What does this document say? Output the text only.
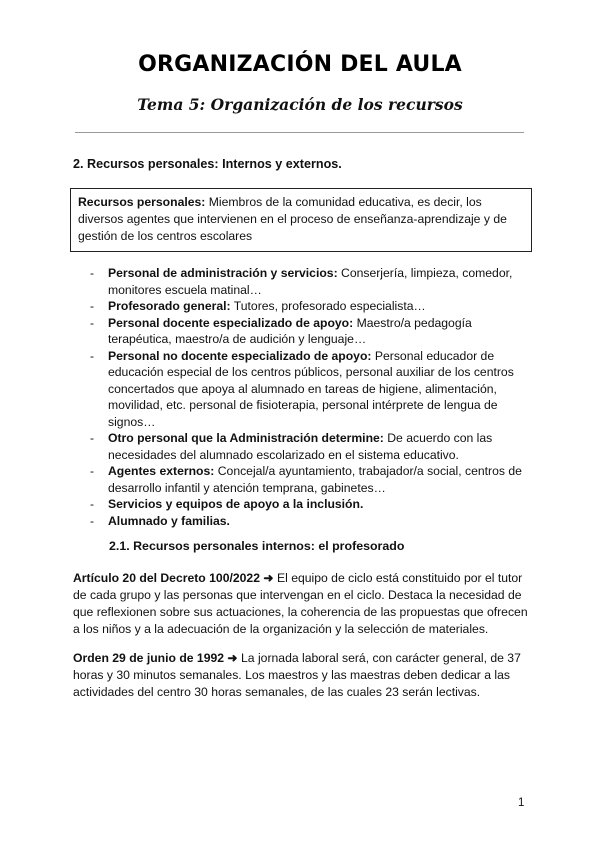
ORGANIZACIÓN DEL AULA
Tema 5: Organización de los recursos
2. Recursos personales: Internos y externos.
Recursos personales: Miembros de la comunidad educativa, es decir, los diversos agentes que intervienen en el proceso de enseñanza-aprendizaje y de gestión de los centros escolares
- Personal de administración y servicios: Conserjería, limpieza, comedor, monitores escuela matinal…
- Profesorado general: Tutores, profesorado especialista…
- Personal docente especializado de apoyo: Maestro/a pedagogía terapéutica, maestro/a de audición y lenguaje…
- Personal no docente especializado de apoyo: Personal educador de educación especial de los centros públicos, personal auxiliar de los centros concertados que apoya al alumnado en tareas de higiene, alimentación, movilidad, etc. personal de fisioterapia, personal intérprete de lengua de signos…
- Otro personal que la Administración determine: De acuerdo con las necesidades del alumnado escolarizado en el sistema educativo.
- Agentes externos: Concejal/a ayuntamiento, trabajador/a social, centros de desarrollo infantil y atención temprana, gabinetes…
- Servicios y equipos de apoyo a la inclusión.
- Alumnado y familias.
2.1. Recursos personales internos: el profesorado
Artículo 20 del Decreto 100/2022 ➜ El equipo de ciclo está constituido por el tutor de cada grupo y las personas que intervengan en el ciclo. Destaca la necesidad de que reflexionen sobre sus actuaciones, la coherencia de las propuestas que ofrecen a los niños y a la adecuación de la organización y la selección de materiales.
Orden 29 de junio de 1992 ➜ La jornada laboral será, con carácter general, de 37 horas y 30 minutos semanales. Los maestros y las maestras deben dedicar a las actividades del centro 30 horas semanales, de las cuales 23 serán lectivas.
1
